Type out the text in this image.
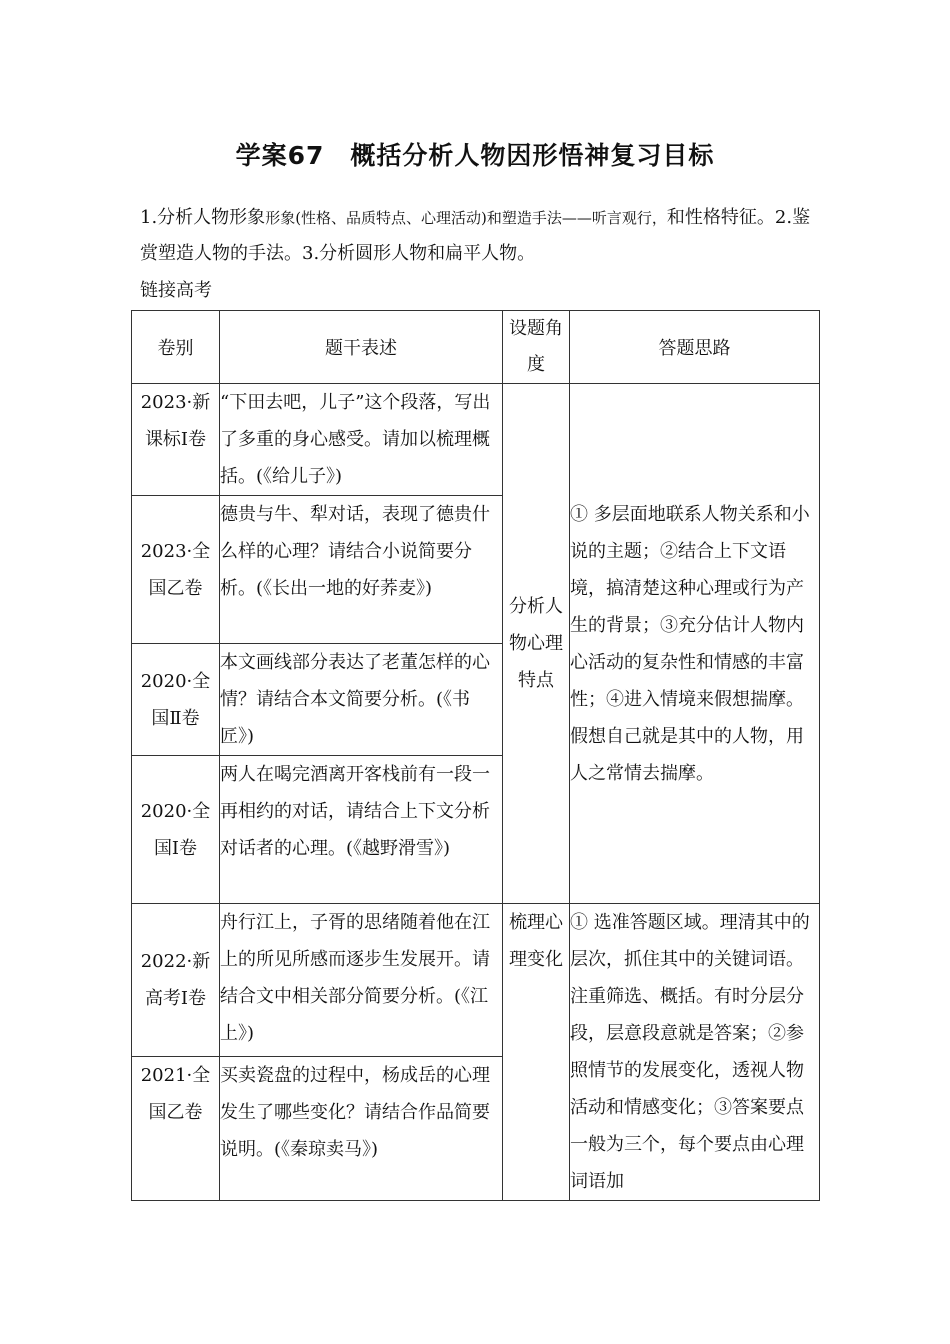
学案67　概括分析人物因形悟神复习目标
1.分析人物形象形象(性格、品质特点、心理活动)和塑造手法——听言观行，和性格特征。2.鉴赏塑造人物的手法。3.分析圆形人物和扁平人物。
链接高考
卷别	题干表述	设题角度	答题思路
2023·新课标Ⅰ卷	“下田去吧，儿子”这个段落，写出了多重的身心感受。请加以梳理概括。(《给儿子》)	分析人物心理特点	① 多层面地联系人物关系和小说的主题；②结合上下文语境，搞清楚这种心理或行为产生的背景；③充分估计人物内心活动的复杂性和情感的丰富性；④进入情境来假想揣摩。假想自己就是其中的人物，用人之常情去揣摩。
2023·全国乙卷	德贵与牛、犁对话，表现了德贵什么样的心理？请结合小说简要分析。(《长出一地的好荞麦》)		
2020·全国Ⅱ卷	本文画线部分表达了老董怎样的心情？请结合本文简要分析。(《书匠》)		
2020·全国Ⅰ卷	两人在喝完酒离开客栈前有一段一再相约的对话，请结合上下文分析对话者的心理。(《越野滑雪》)		
2022·新高考Ⅰ卷	舟行江上，子胥的思绪随着他在江上的所见所感而逐步生发展开。请结合文中相关部分简要分析。(《江上》)	梳理心理变化	① 选准答题区域。理清其中的层次，抓住其中的关键词语。注重筛选、概括。有时分层分段，层意段意就是答案；②参照情节的发展变化，透视人物活动和情感变化；③答案要点一般为三个，每个要点由心理词语加
2021·全国乙卷	买卖瓷盘的过程中，杨成岳的心理发生了哪些变化？请结合作品简要说明。(《秦琼卖马》)		
